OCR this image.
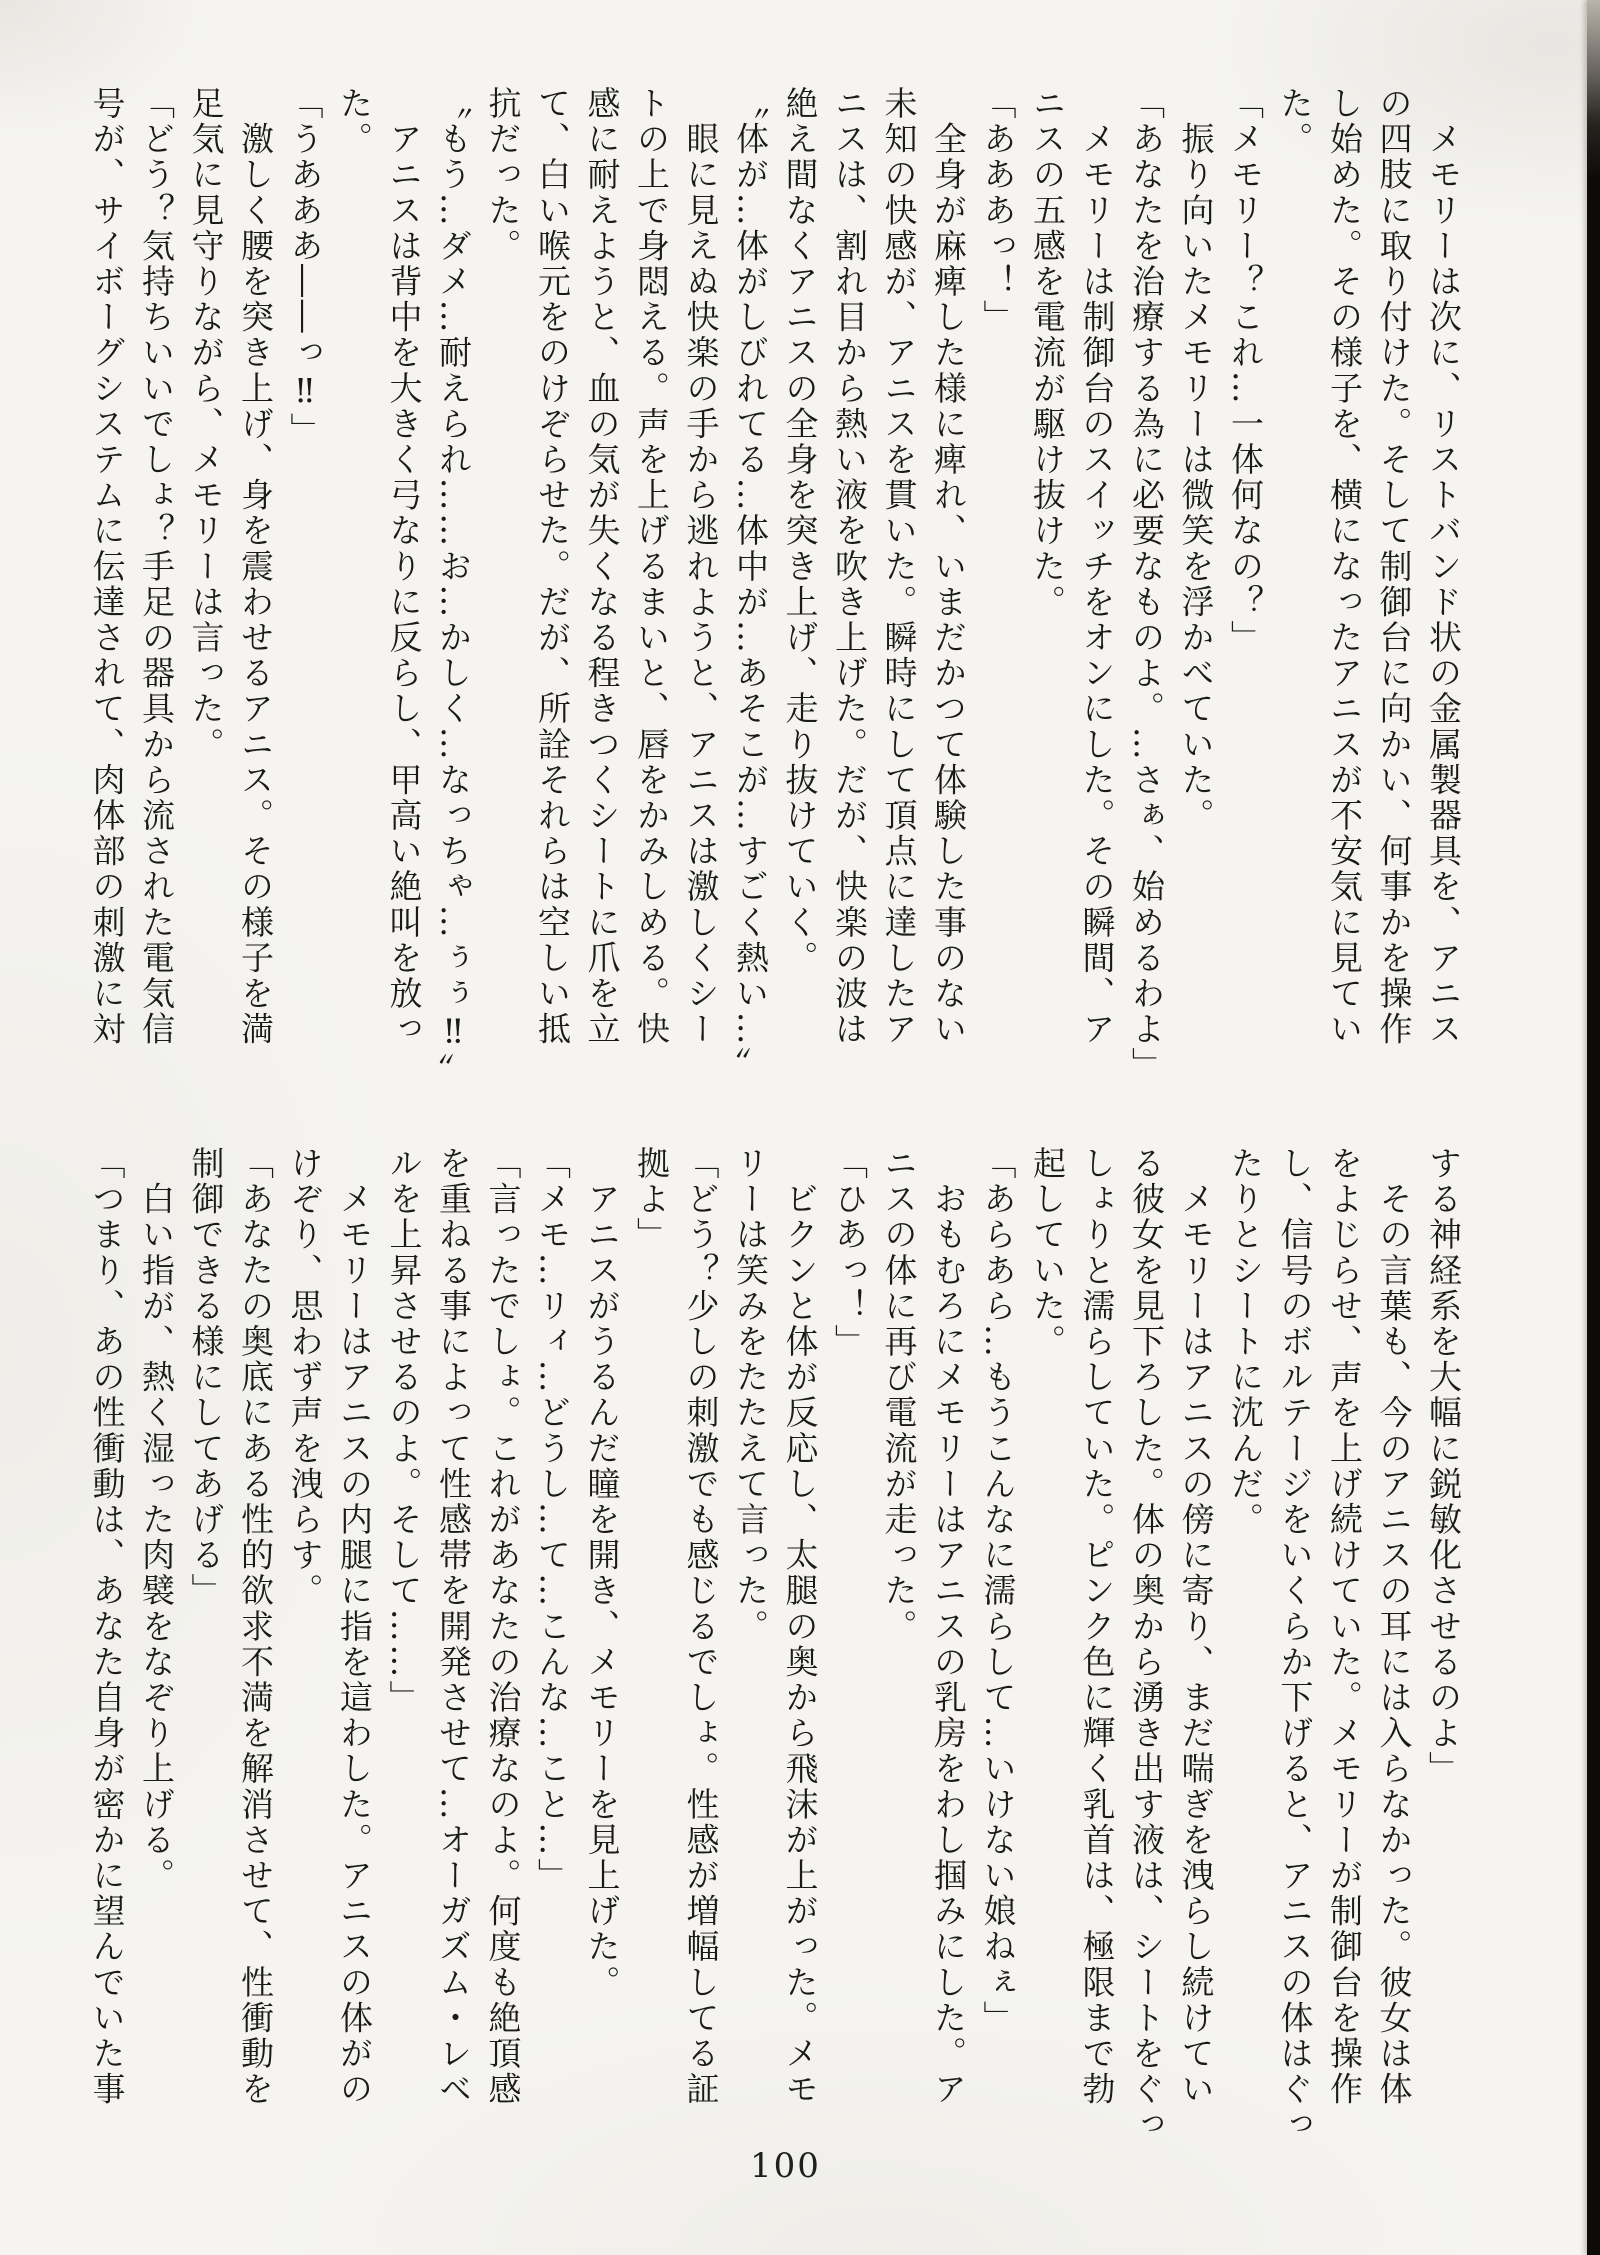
　メモリーは次に、リストバンド状の金属製器具を、アニス
の四肢に取り付けた。そして制御台に向かい、何事かを操作
し始めた。その様子を、横になったアニスが不安気に見てい
た。
「メモリー？これ…一体何なの？」
　振り向いたメモリーは微笑を浮かべていた。
「あなたを治療する為に必要なものよ。…さぁ、始めるわよ」
　メモリーは制御台のスイッチをオンにした。その瞬間、ア
ニスの五感を電流が駆け抜けた。
「あああっ！」
　全身が麻痺した様に痺れ、いまだかつて体験した事のない
未知の快感が、アニスを貫いた。瞬時にして頂点に達したア
ニスは、割れ目から熱い液を吹き上げた。だが、快楽の波は
絶え間なくアニスの全身を突き上げ、走り抜けていく。
〝体が…体がしびれてる…体中が…あそこが…すごく熱い…〟
　眼に見えぬ快楽の手から逃れようと、アニスは激しくシー
トの上で身悶える。声を上げるまいと、唇をかみしめる。快
感に耐えようと、血の気が失くなる程きつくシートに爪を立
て、白い喉元をのけぞらせた。だが、所詮それらは空しい抵
抗だった。
〝もう…ダメ…耐えられ……お…かしく…なっちゃ…ぅぅ‼〟
　アニスは背中を大きく弓なりに反らし、甲高い絶叫を放っ
た。
「うあああ――っ‼」
　激しく腰を突き上げ、身を震わせるアニス。その様子を満
足気に見守りながら、メモリーは言った。
「どう？気持ちいいでしょ？手足の器具から流された電気信
号が、サイボーグシステムに伝達されて、肉体部の刺激に対
する神経系を大幅に鋭敏化させるのよ」
　その言葉も、今のアニスの耳には入らなかった。彼女は体
をよじらせ、声を上げ続けていた。メモリーが制御台を操作
し、信号のボルテージをいくらか下げると、アニスの体はぐっ
たりとシートに沈んだ。
　メモリーはアニスの傍に寄り、まだ喘ぎを洩らし続けてい
る彼女を見下ろした。体の奥から湧き出す液は、シートをぐっ
しょりと濡らしていた。ピンク色に輝く乳首は、極限まで勃
起していた。
「あらあら…もうこんなに濡らして…いけない娘ねぇ」
　おもむろにメモリーはアニスの乳房をわし掴みにした。ア
ニスの体に再び電流が走った。
「ひあっ！」
　ビクンと体が反応し、太腿の奥から飛沫が上がった。メモ
リーは笑みをたたえて言った。
「どう？少しの刺激でも感じるでしょ。性感が増幅してる証
拠よ」
　アニスがうるんだ瞳を開き、メモリーを見上げた。
「メモ…リィ…どうし…て…こんな…こと…」
「言ったでしょ。これがあなたの治療なのよ。何度も絶頂感
を重ねる事によって性感帯を開発させて…オーガズム・レベ
ルを上昇させるのよ。そして……」
　メモリーはアニスの内腿に指を這わした。アニスの体がの
けぞり、思わず声を洩らす。
「あなたの奥底にある性的欲求不満を解消させて、性衝動を
制御できる様にしてあげる」
　白い指が、熱く湿った肉襞をなぞり上げる。
「つまり、あの性衝動は、あなた自身が密かに望んでいた事
100
